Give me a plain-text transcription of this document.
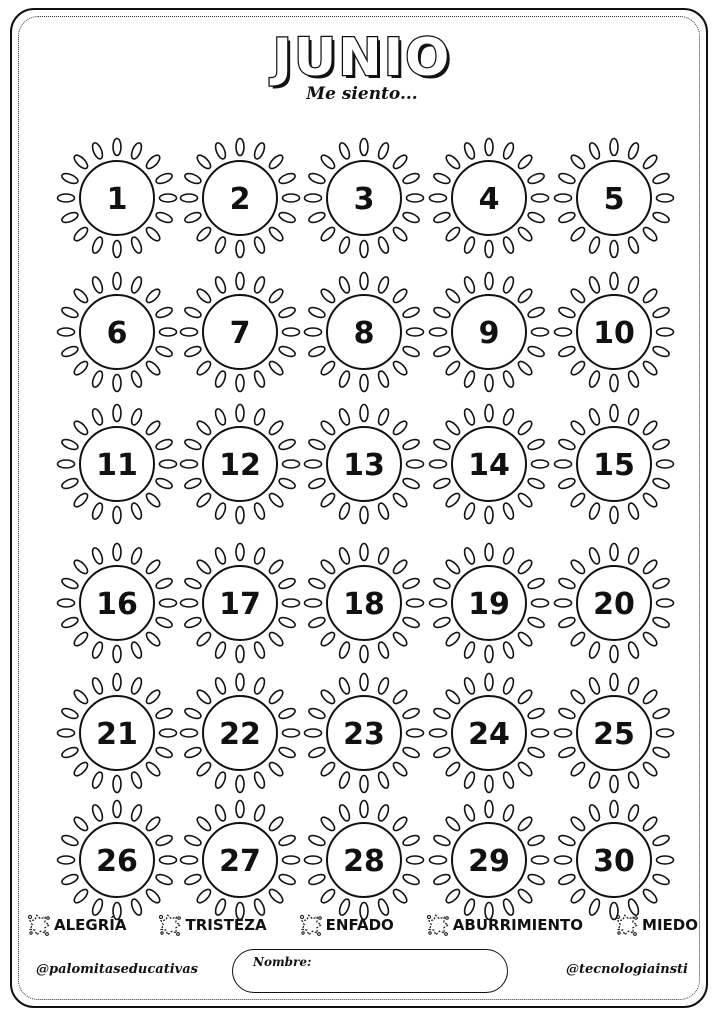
JUNIO
Me siento...
1	2	3	4	5
6	7	8	9	10
11	12	13	14	15
16	17	18	19	20
21	22	23	24	25
26	27	28	29	30
ALEGRÍA	TRISTEZA	ENFADO	ABURRIMIENTO	MIEDO
@palomitaseducativas	Nombre:	@tecnologiainsti
